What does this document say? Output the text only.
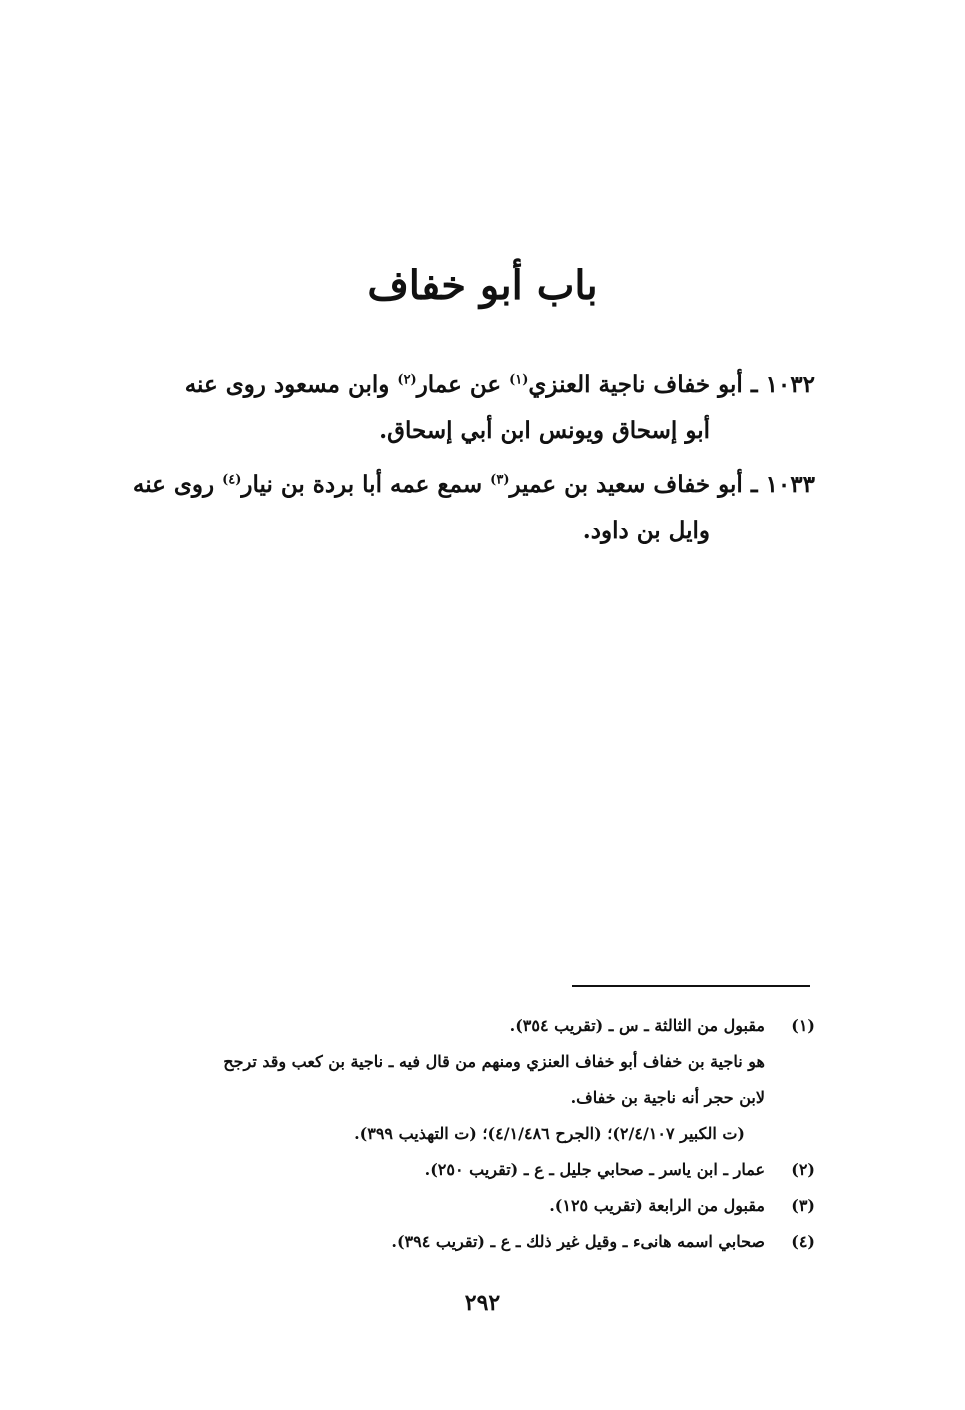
باب أبو خفاف
١٠٣٢ ـ أبو خفاف ناجية العنزي$^{(١)}$ عن عمار$^{(٢)}$ وابن مسعود روى عنه
أبو إسحاق ويونس ابن أبي إسحاق.
١٠٣٣ ـ أبو خفاف سعيد بن عمير$^{(٣)}$ سمع عمه أبا بردة بن نيار$^{(٤)}$ روى عنه
وايل بن داود.
(١)مقبول من الثالثة ـ س ـ (تقريب ٣٥٤).
هو ناجية بن خفاف أبو خفاف العنزي ومنهم من قال فيه ـ ناجية بن كعب وقد ترجح
لابن حجر أنه ناجية بن خفاف.
(ت الكبير ٢/٤/١٠٧)؛ (الجرح ٤/١/٤٨٦)؛ (ت التهذيب ٣٩٩).
(٢)عمار ـ ابن ياسر ـ صحابي جليل ـ ع ـ (تقريب ٢٥٠).
(٣)مقبول من الرابعة (تقريب ١٢٥).
(٤)صحابي اسمه هانىء ـ وقيل غير ذلك ـ ع ـ (تقريب ٣٩٤).
٢٩٢
